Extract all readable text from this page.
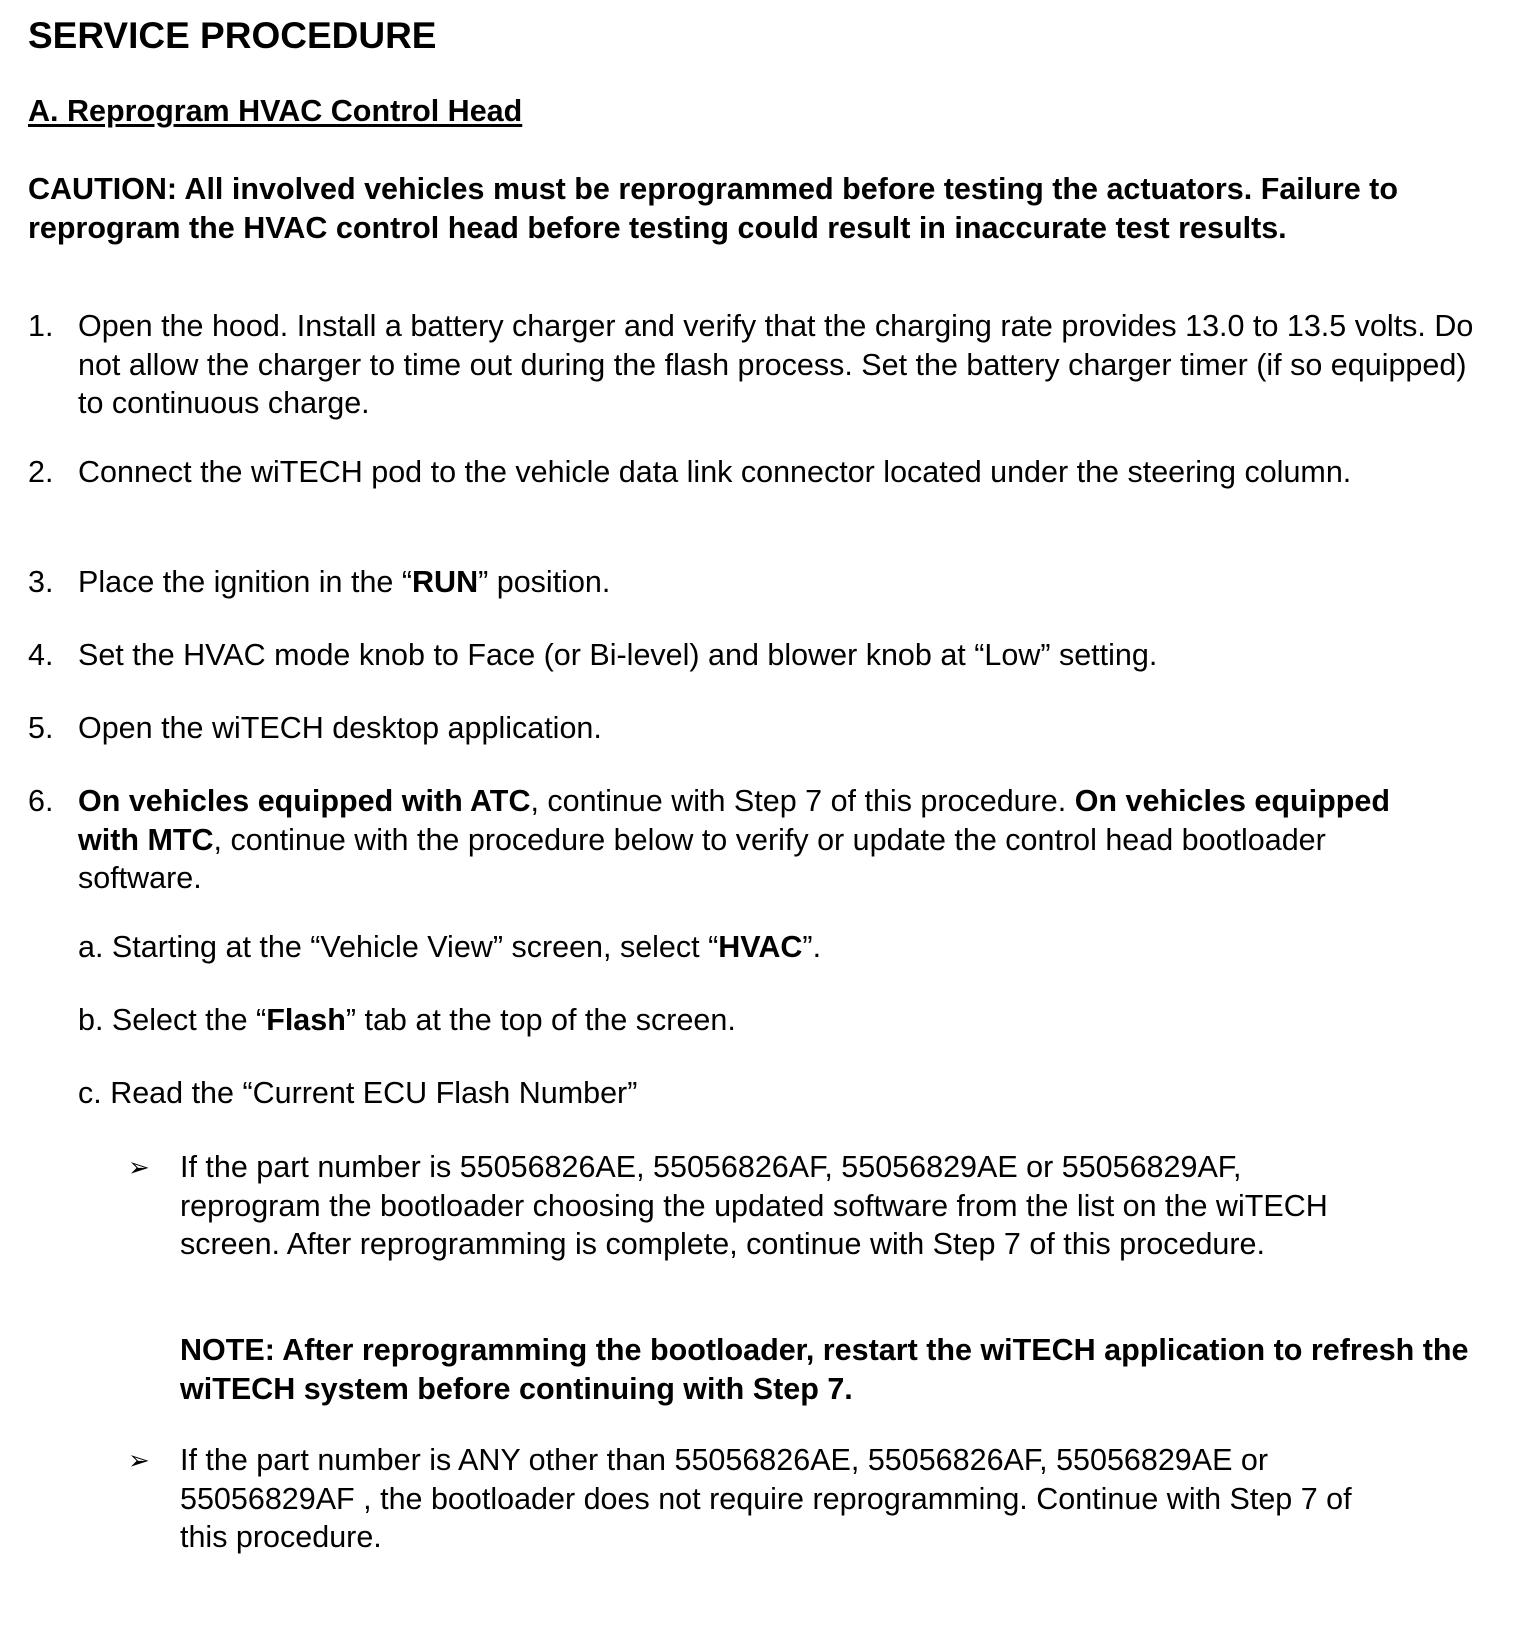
SERVICE PROCEDURE
A. Reprogram HVAC Control Head
CAUTION: All involved vehicles must be reprogrammed before testing the actuators. Failure to reprogram the HVAC control head before testing could result in inaccurate test results.
1. Open the hood. Install a battery charger and verify that the charging rate provides 13.0 to 13.5 volts. Do not allow the charger to time out during the flash process. Set the battery charger timer (if so equipped) to continuous charge.
2. Connect the wiTECH pod to the vehicle data link connector located under the steering column.
3. Place the ignition in the “RUN” position.
4. Set the HVAC mode knob to Face (or Bi-level) and blower knob at “Low” setting.
5. Open the wiTECH desktop application.
6. On vehicles equipped with ATC, continue with Step 7 of this procedure. On vehicles equipped with MTC, continue with the procedure below to verify or update the control head bootloader software.
a. Starting at the “Vehicle View” screen, select “HVAC”.
b. Select the “Flash” tab at the top of the screen.
c. Read the “Current ECU Flash Number”
➢ If the part number is 55056826AE, 55056826AF, 55056829AE or 55056829AF, reprogram the bootloader choosing the updated software from the list on the wiTECH screen. After reprogramming is complete, continue with Step 7 of this procedure.
NOTE: After reprogramming the bootloader, restart the wiTECH application to refresh the wiTECH system before continuing with Step 7.
➢ If the part number is ANY other than 55056826AE, 55056826AF, 55056829AE or 55056829AF , the bootloader does not require reprogramming. Continue with Step 7 of this procedure.
